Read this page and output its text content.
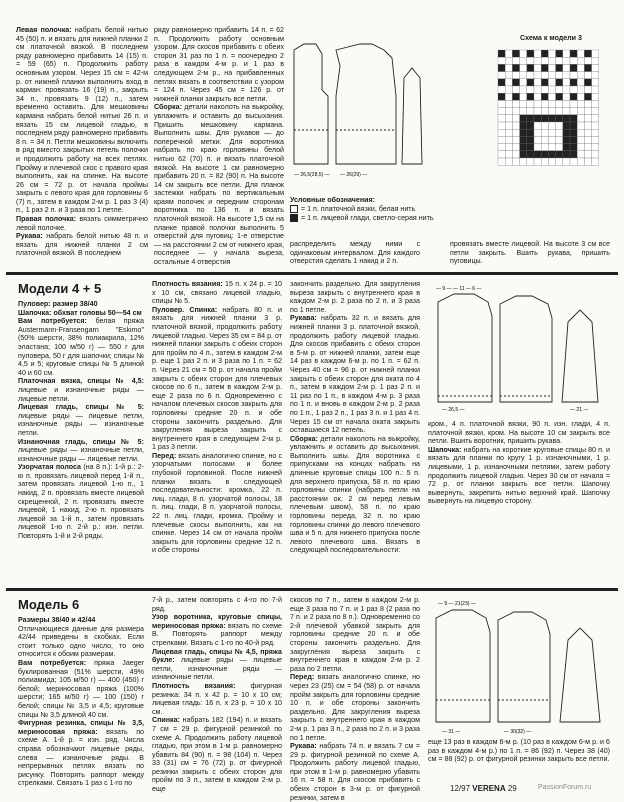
Левая полочка: набрать белой нитью 45 (50) п. и вязать для нижней планки 2 см платочной вязкой. В последнем ряду равномерно прибавить 14 (15) п. = 59 (65) п. Продолжить работу основным узором. Через 15 см = 42-м р. от нижней планки выполнить вход в карман: провязать 16 (19) п., закрыть 34 п., провязать 9 (12) п., затем временно оставить. Для мешковины кармана набрать белой нитью 26 п. и вязать 15 см лицевой гладью, в последнем ряду равномерно прибавить 8 п. = 34 п. Петли мешковины включить в ряд вместо закрытых петель полочки и продолжить работу на всех петлях. Пройму и плечевой скос с правого края выполнить, как на спинке. На высоте 26 см = 72 р. от начала проймы закрыть с левого края для горловины 6 (7) п., затем в каждом 2-м р. 1 раз 3 (4) п., 1 раз 2 п. и 3 раза по 1 петле.

Правая полочка: вязать симметрично левой полочке.

Рукава: набрать белой нитью 48 п. и вязать для нижней планки 2 см платочной вязкой. В последнем

ряду равномерно прибавить 14 п. = 62 п. Продолжить работу основным узором. Для скосов прибавить с обеих сторон 31 раз по 1 п. = поочередно 2 раза в каждом 4-м р. и 1 раз в следующем 2-м р., на прибавленных петлях вязать в соответствии с узором = 124 п. Через 45 см = 126 р. от нижней планки закрыть все петли.

Сборка: детали наколоть на выкройку, увлажнить и оставить до высыхания. Пришить мешковину кармана. Выполнить швы. Для рукавов — до поперечной метки. Для воротника набрать по краю горловины белой нитью 62 (70) п. и вязать платочной вязкой. На высоте 1 см равномерно прибавить 20 п. = 82 (90) п. На высоте 14 см закрыть все петли. Для планок застежки набрать по вертикальным краям полочек и передним сторонам воротника по 136 п. и вязать платочной вязкой. На высоте 1,5 см на планке правой полочки выполнить 5 отверстий для пуговиц: 1-е отверстие — на расстоянии 2 см от нижнего края, последнее — у начала выреза, остальные 4 отверстия

— 26,5(28,5) — — 26(29) —
Схема к модели 3
Условные обозначения:
= 1 п. платочной вязки, белая нить
= 1 п. лицевой глади, светло-серая нить
распределить между ними с одинаковым интервалом. Для каждого отверстия сделать 1 накид и 2 п.
провязать вместе лицевой. На высоте 3 см все петли закрыть. Вшить рукава, пришить пуговицы.
Модели 4 + 5

Пуловер: размер 38/40

Шапочка: обхват головы 50—54 см

Вам потребуется: белая пряжа Austermann-Fransengarn "Eskimo" (50% шерсти, 38% полиакрила, 12% эластана; 100 м/50 г) — 550 г для пуловера, 50 г для шапочки; спицы № 4,5 и 5; круговые спицы № 5 длиной 40 и 60 см.

Платочная вязка, спицы № 4,5: лицевые и изнаночные ряды — лицевые петли.

Лицевая гладь, спицы № 5: лицевые ряды — лицевые петли, изнаночные ряды — изнаночные петли.

Изнаночная гладь, спицы № 5: лицевые ряды — изнаночные петли, изнаночные ряды — лицевые петли.

Узорчатая полоса (на 8 п.): 1-й р.: 2-ю п. провязать лицевой перед 1-й п., затем провязать лицевой 1-ю п., 1 накид, 2 п. провязать вместе лицевой скрещенной, 2 п. провязать вместе лицевой, 1 накид, 2-ю п. провязать лицевой за 1-й п., затем провязать лицевой 1-ю п. 2-й р.: изн. петли. Повторять 1-й и 2-й ряды.

Плотность вязания: 15 п. х 24 р. = 10 х 10 см, связано лицевой гладью, спицы № 5.

Пуловер. Спинка: набрать 80 п. и вязать для нижней планки 3 р. платочной вязкой, продолжить работу лицевой гладью. Через 35 см = 84 р. от нижней планки закрыть с обеих сторон для пройм по 4 п., затем в каждом 2-м р. еще 1 раз 2 п. и 3 раза по 1 п. = 62 п. Через 21 см = 50 р. от начала пройм закрыть с обеих сторон для плечевых скосов по 6 п., затем в каждом 2-м р. еще 2 раза по 6 п. Одновременно с началом плечевых скосов закрыть для горловины средние 20 п. и обе стороны закончить раздельно. Для закругления выреза закрыть с внутреннего края в следующем 2-м р. 1 раз 3 петли.

Перед: вязать аналогично спинке, но с узорчатыми полосами и более глубокой горловиной. После нижней планки вязать в следующей последовательности: кромка, 22 п. лиц. глади, 8 п. узорчатой полосы, 18 п. лиц. глади, 8 п. узорчатой полосы, 22 п. лиц. глади, кромка. Пройму и плечевые скосы выполнить, как на спинке. Через 14 см от начала пройм закрыть для горловины средние 12 п. и обе стороны

закончить раздельно. Для закругления выреза закрыть с внутреннего края в каждом 2-м р. 2 раза по 2 п. и 3 раза по 1 петле.

Рукава: набрать 32 п. и вязать для нижней планки 3 р. платочной вязкой, продолжить работу лицевой гладью. Для скосов прибавить с обеих сторон в 5-м р. от нижней планки, затем еще 14 раз в каждом 6-м р. по 1 п. = 62 п. Через 40 см = 96 р. от нижней планки закрыть с обеих сторон для оката по 4 п., затем в каждом 2-м р. 1 раз 2 п. и 11 раз по 1 п., в каждом 4-м р. 3 раза по 1 п. и вновь в каждом 2-м р. 2 раза по 1 п., 1 раз 2 п., 1 раз 3 п. и 1 раз 4 п. Через 15 см от начала оката закрыть оставшиеся 12 петель.

Сборка: детали наколоть на выкройку, увлажнить и оставить до высыхания. Выполнить швы. Для воротника с припусками на концах набрать на длинные круговые спицы 100 п.: 5 п. для верхнего припуска, 58 п. по краю горловины спинки (набрать петли на расстоянии ок. 2 см перед левым плечевым швом), 58 п. по краю горловины переда, 32 п. по краю горловины спинки до левого плечевого шва и 5 п. для нижнего припуска после левого плечевого шва. Вязать в следующей последовательности:

— 9 — — 11 — 6 —
— 26,5 —	— 21 —

кром., 4 п. платочной вязки, 90 п. изн. глади, 4 п. платочной вязки, кром. На высоте 10 см закрыть все петли. Вшить воротник, пришить рукава.

Шапочка: набрать на короткие круговые спицы 80 п. и вязать для планки по кругу 1 р. изнаночными, 1 р. лицевыми, 1 р. изнаночными петлями, затем работу продолжить лицевой гладью. Через 30 см от начала = 72 р. от планки закрыть все петли. Шапочку вывернуть, закрепить нитью верхний край. Шапочку вывернуть на лицевую сторону.

Модель 6

Размеры 38/40 и 42/44

Отличающиеся данные для размера 42/44 приведены в скобках. Если стоит только одно число, то оно относится к обоим размерам.

Вам потребуется: пряжа Jaeger буклированная (51% шерсти, 49% полиамида; 105 м/50 г) — 400 (450) г белой; мериносовая пряжа (100% шерсти; 165 м/50 г) — 100 (150) г белой; спицы № 3,5 и 4,5; круговые спицы № 3,5 длиной 40 см.

Фигурная резинка, спицы № 3,5, мериносовая пряжа: вязать по схеме А. 1-й р. = изн. ряд. Числа справа обозначают лицевые ряды, слева — изнаночные ряды. В непрерывных петлях вязать по рисунку. Повторять раппорт между стрелками. Связать 1 раз с 1-го по

7-й р., затем повторять с 4-го по 7-й ряд.

Узор воротника, круговые спицы, мериносовая пряжа: вязать по схеме В. Повторять раппорт между стрелками. Вязать с 1-го по 40-й ряд.

Лицевая гладь, спицы № 4,5, пряжа букле: лицевые ряды — лицевые петли, изнаночные ряды — изнаночные петли.

Плотность вязания: фигурная резинка: 34 п. х 42 р. = 10 х 10 см; лицевая гладь: 16 п. х 23 р. = 10 х 10 см.

Спинка: набрать 182 (194) п. и вязать 7 см = 29 р. фигурной резинкой по схеме А. Продолжить работу лицевой гладью, при этом в 1-м р. равномерно убавить 84 (90) п. = 98 (104) п. Через 33 (31) см = 76 (72) р. от фигурной резинки закрыть с обеих сторон для пройм по 3 п., затем в каждом 2-м р. еще

скосов по 7 п., затем в каждом 2-м р. еще 3 раза по 7 п. и 1 раз 8 (2 раза по 7 п. и 2 раза по 8 п.). Одновременно со 2-й плечевой убавкой закрыть для горловины средние 20 п. и обе стороны закончить раздельно. Для закругления выреза закрыть с внутреннего края в каждом 2-м р. 2 раза по 2 петли.

Перед: вязать аналогично спинке, но через 23 (25) см = 54 (58) р. от начала пройм закрыть для горловины средние 10 п. и обе стороны закончить раздельно. Для закругления выреза закрыть с внутреннего края в каждом 2-м р. 1 раз 3 п., 2 раза по 2 п. и 3 раза по 1 петле.

Рукава: набрать 74 п. и вязать 7 см = 29 р. фигурной резинкой по схеме А. Продолжить работу лицевой гладью, при этом в 1-м р. равномерно убавить 16 п. = 58 п. Для скосов прибавить с обеих сторон в 3-м р. от фигурной резинки, затем в

— 9 — 21(23) —
— 31 —	— 30(32) —
еще 13 раз в каждом 6-м р. (10 раз в каждом 6-м р. и 6 раз в каждом 4-м р.) по 1 п. = 86 (92) п. Через 38 (40) см = 88 (92) р. от фигурной резинки закрыть все петли.
12/97 VERENA 29	PassionForum.ru
